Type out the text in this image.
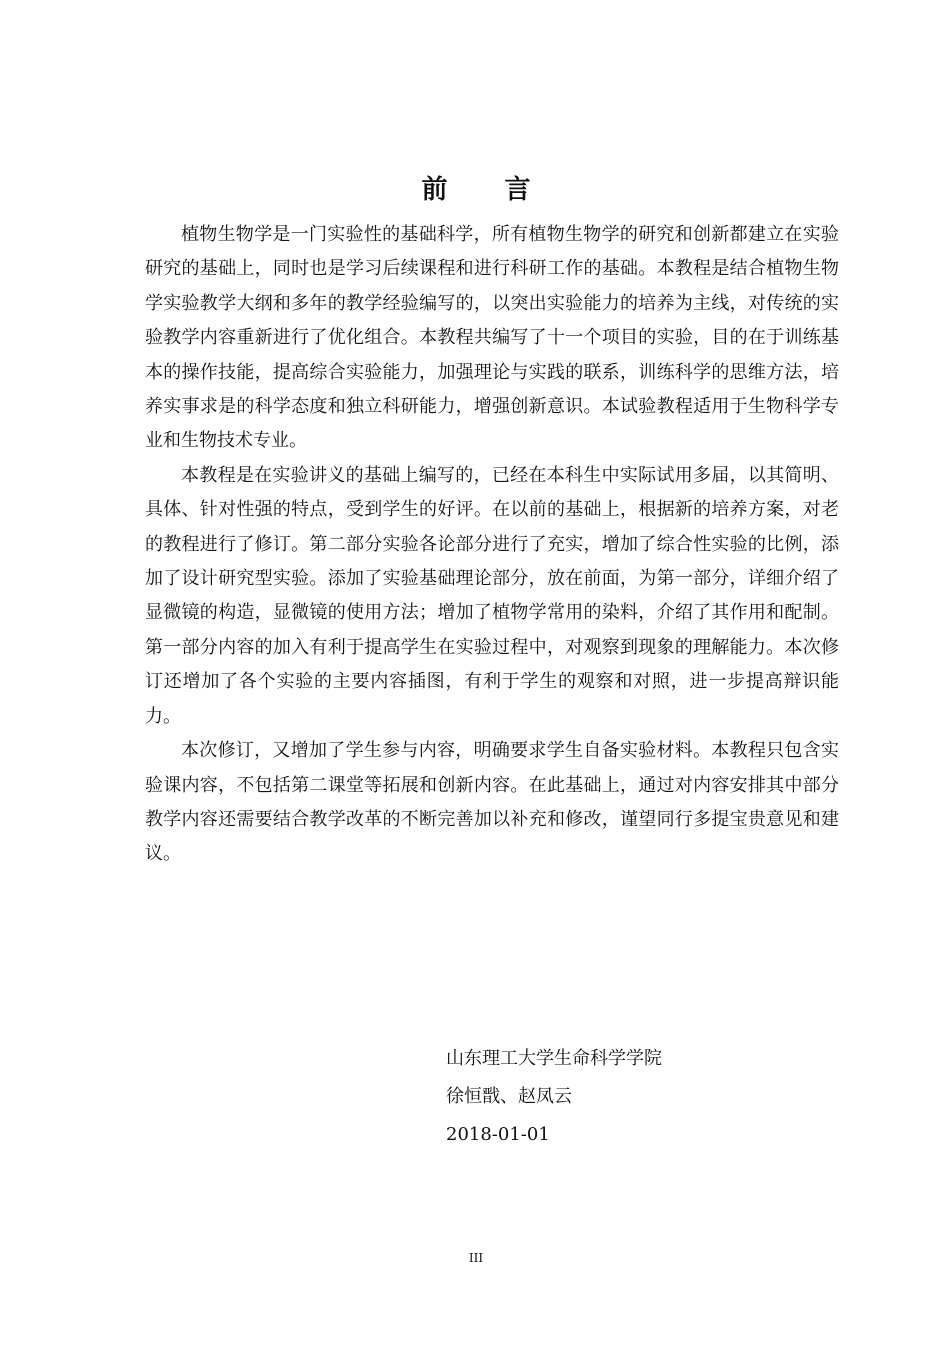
前 言

植物生物学是一门实验性的基础科学，所有植物生物学的研究和创新都建立在实验研究的基础上，同时也是学习后续课程和进行科研工作的基础。本教程是结合植物生物学实验教学大纲和多年的教学经验编写的，以突出实验能力的培养为主线，对传统的实验教学内容重新进行了优化组合。本教程共编写了十一个项目的实验，目的在于训练基本的操作技能，提高综合实验能力，加强理论与实践的联系，训练科学的思维方法，培养实事求是的科学态度和独立科研能力，增强创新意识。本试验教程适用于生物科学专业和生物技术专业。

本教程是在实验讲义的基础上编写的，已经在本科生中实际试用多届，以其简明、具体、针对性强的特点，受到学生的好评。在以前的基础上，根据新的培养方案，对老的教程进行了修订。第二部分实验各论部分进行了充实，增加了综合性实验的比例，添加了设计研究型实验。添加了实验基础理论部分，放在前面，为第一部分，详细介绍了显微镜的构造，显微镜的使用方法；增加了植物学常用的染料，介绍了其作用和配制。第一部分内容的加入有利于提高学生在实验过程中，对观察到现象的理解能力。本次修订还增加了各个实验的主要内容插图，有利于学生的观察和对照，进一步提高辩识能力。

本次修订，又增加了学生参与内容，明确要求学生自备实验材料。本教程只包含实验课内容，不包括第二课堂等拓展和创新内容。在此基础上，通过对内容安排其中部分教学内容还需要结合教学改革的不断完善加以补充和修改，谨望同行多提宝贵意见和建议。

山东理工大学生命科学学院
徐恒戬、赵凤云
2018-01-01
III
